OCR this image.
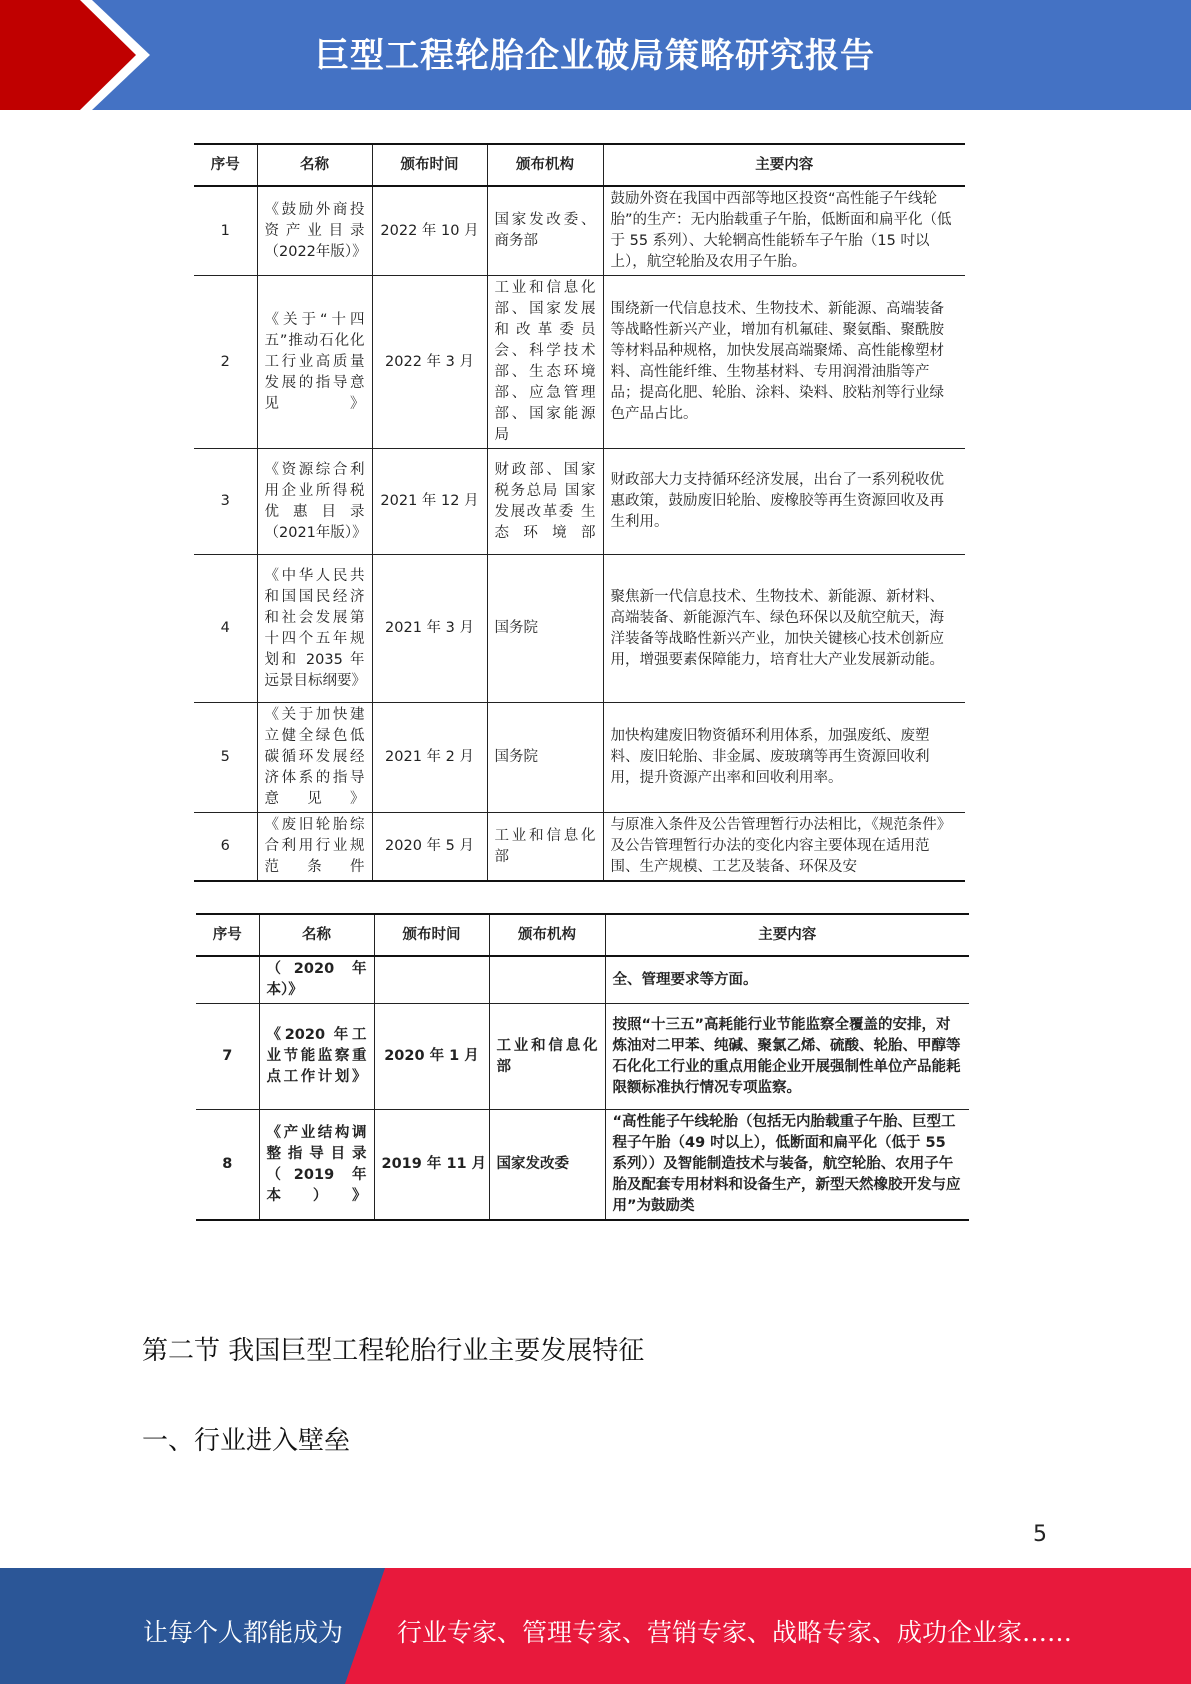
巨型工程轮胎企业破局策略研究报告
序号	名称	颁布时间	颁布机构	主要内容
1	《鼓励外商投资产业目录（2022年版）》	2022 年 10 月	国家发改委、商务部	鼓励外资在我国中西部等地区投资“高性能子午线轮胎”的生产：无内胎载重子午胎，低断面和扁平化（低于 55 系列）、大轮辋高性能轿车子午胎（15 吋以上），航空轮胎及农用子午胎。
2	《关于“十四五”推动石化化工行业高质量发展的指导意见》	2022 年 3 月	工业和信息化部、国家发展和改革委员会、科学技术部、生态环境部、应急管理部、国家能源局	围绕新一代信息技术、生物技术、新能源、高端装备等战略性新兴产业，增加有机氟硅、聚氨酯、聚酰胺等材料品种规格，加快发展高端聚烯、高性能橡塑材料、高性能纤维、生物基材料、专用润滑油脂等产品；提高化肥、轮胎、涂料、染料、胶粘剂等行业绿色产品占比。
3	《资源综合利用企业所得税优惠目录（2021年版）》	2021 年 12 月	财政部、国家税务总局 国家发展改革委 生态环境部	财政部大力支持循环经济发展，出台了一系列税收优惠政策，鼓励废旧轮胎、废橡胶等再生资源回收及再生利用。
4	《中华人民共和国国民经济和社会发展第十四个五年规划和 2035 年远景目标纲要》	2021 年 3 月	国务院	聚焦新一代信息技术、生物技术、新能源、新材料、高端装备、新能源汽车、绿色环保以及航空航天，海洋装备等战略性新兴产业，加快关键核心技术创新应用，增强要素保障能力，培育壮大产业发展新动能。
5	《关于加快建立健全绿色低碳循环发展经济体系的指导意见》	2021 年 2 月	国务院	加快构建废旧物资循环利用体系，加强废纸、废塑料、废旧轮胎、非金属、废玻璃等再生资源回收利用，提升资源产出率和回收利用率。
6	《废旧轮胎综合利用行业规范条件	2020 年 5 月	工业和信息化部	与原准入条件及公告管理暂行办法相比，《规范条件》及公告管理暂行办法的变化内容主要体现在适用范围、生产规模、工艺及装备、环保及安
序号	名称	颁布时间	颁布机构	主要内容
	（2020 年本）》			全、管理要求等方面。
7	《2020 年工业节能监察重点工作计划》	2020 年 1 月	工业和信息化部	按照“十三五”高耗能行业节能监察全覆盖的安排，对炼油对二甲苯、纯碱、聚氯乙烯、硫酸、轮胎、甲醇等石化化工行业的重点用能企业开展强制性单位产品能耗限额标准执行情况专项监察。
8	《产业结构调整指导目录（2019 年本）》	2019 年 11 月	国家发改委	“高性能子午线轮胎（包括无内胎载重子午胎、巨型工程子午胎（49 吋以上），低断面和扁平化（低于 55 系列））及智能制造技术与装备，航空轮胎、农用子午胎及配套专用材料和设备生产，新型天然橡胶开发与应用”为鼓励类
第二节 我国巨型工程轮胎行业主要发展特征
一、行业进入壁垒
5
让每个人都能成为 行业专家、管理专家、营销专家、战略专家、成功企业家……
